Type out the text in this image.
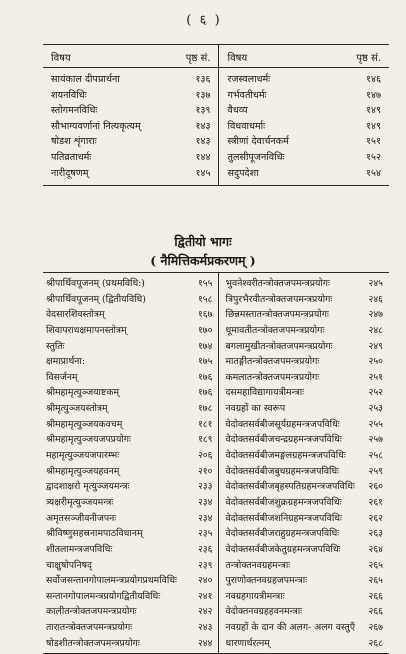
(  ६  )
विषय	पृष्ठ सं. विषय	पृष्ठ सं.
सायंकाल दीपप्रार्थना	१३६
शयनविधिः	१३७
स्तोगमनविधिः	१३९
सौभाग्यवर्णानां नित्यकृत्यम्	१४३
षोडश शृंगाराः	१४३
पतिव्रताधर्मः	१४४
नारीदूषणम्	१४५
रजस्वलाधर्मः	१४६
गर्भवतीधर्मः	१४७
वैधव्य	१४९
विधवाधर्माः	१४९
स्त्रीणां देवार्चनकर्म	१५१
तुलसीपूजनविधिः	१५२
सदुपदेशा	१५४
द्वितीयो भागः
( नैमित्तिकर्मप्रकरणम् )
श्रीपार्थिवपूजनम् (प्रथमविधि:)	१५५
श्रीपार्थिवपूजनम् (द्वितीयविधि)	१५८
वेदसारशिवस्तोत्रम्	१६७
शिवापराधक्षमापनस्तोत्रम्	१७०
स्तुतिः	१७४
क्षमाप्रार्थना:	१७५
विसर्जनम्	१७६
श्रीमहामृत्युञ्जयाष्टकम्	१७६
श्रीमृत्युञ्जयस्तोत्रम्	१७८
श्रीमहामृत्युञ्जयकवचम्	१८१
श्रीमहामृत्युञ्जयजपप्रयोगः	१८९
महामृत्युञ्जयजपारम्भः	२०६
श्रीमहामृत्युञ्जयहवनम्	२१०
द्वादशाक्षरो मृत्युञ्जयमन्त्रः	२३३
त्र्यक्षरीमृत्युञ्जयमन्त्रः	२३४
अमृतसञ्जीवनीजपनः	२३४
श्रीविष्णुसहस्रनामपाठविधानम्	२३५
शीतलामन्त्रजपविधिः	२३६
चाक्षुषोपनिषद्	२३९
सर्वोजसन्तानगोपालमन्त्रप्रयोगप्रथमविधिः २४०
सन्तानगोपालमन्त्रप्रयोगद्वितीयविधिः	२४१
कालीतन्त्रोक्तजपमन्त्रप्रयोगः	२४२
तारातन्त्रोक्तजपमन्त्रप्रयोगः	२४३
षोडशीतन्त्रोक्तजपमन्त्रप्रयोगः	२४४
भुवनेश्वरीतन्त्रोक्तजपमन्त्रप्रयोगः	२४५
त्रिपुरभैरवीतन्त्रोक्तजपमन्त्रप्रयोगः	२४६
छिन्नमस्तातन्त्रोक्तजपमन्त्रप्रयोगः	२४७
धूमावतीतन्त्रोक्तजपमन्त्रप्रयोगः	२४८
बगलामुखीतन्त्रोक्तजपमन्त्रप्रयोगः	२४९
मातङ्गीतन्त्रोक्तजपमन्त्रप्रयोगः	२५०
कमलातन्त्रोक्तजपमन्त्रप्रयोगः	२५१
दसमहाविद्यागायत्रीमन्त्राः	२५२
नवग्रहों का स्वरूप	२५३
वेदोक्तसर्वबीजसूर्यग्रहमन्त्रजपविधिः	२५५
वेदोक्तसर्वबीजचन्द्रग्रहमन्त्रजपविधिः	२५७
वेदोक्तसर्वबीजमङ्गलग्रहमन्त्रजपविधिः २५८
वेदोक्तसर्वबीजबुधग्रहमन्त्रजपविधिः	२५९
वेदोक्तसर्वबीजबृहस्पतिग्रहमन्त्रजपविधिः २६०
वेदोक्तसर्वबीजशुक्रग्रहमन्त्रजपविधिः	२६१
वेदोक्तसर्वबीजशनिग्रहमन्त्रजपविधिः	२६२
वेदोक्तसर्वबीजराहुग्रहमन्त्रजपविधिः	२६३
वेदोक्तसर्वबीजकेतुग्रहमन्त्रजपविधिः	२६४
तन्त्रोक्तनवग्रहमन्त्राः	२६५
पुराणोक्तनवग्रहजपमन्त्राः	२६५
नवग्रहगायत्रीमन्त्राः	२६६
वेदोक्तनवग्रहहवनमन्त्राः	२६६
नवग्रहों के दान की अलग- अलग वस्तुएँ २६७
धारणार्थरत्नम्	२६८
